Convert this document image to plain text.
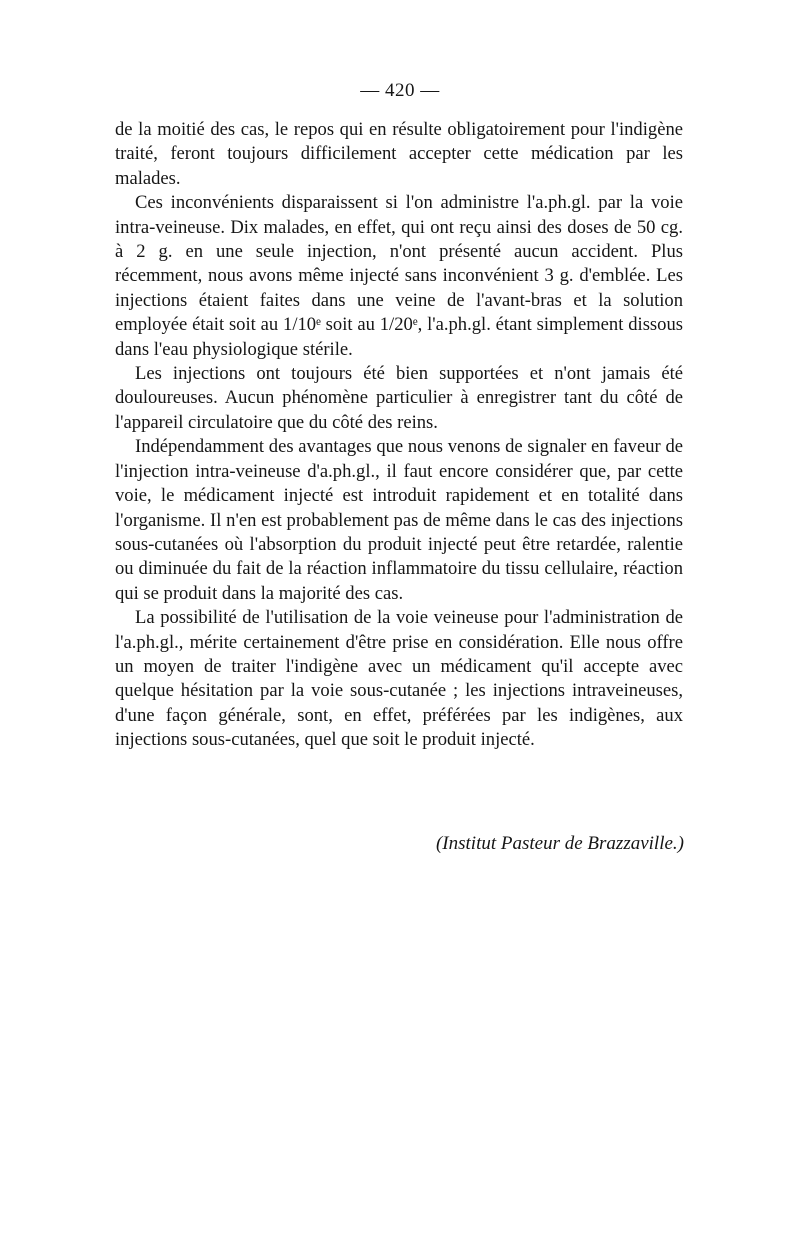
— 420 —

de la moitié des cas, le repos qui en résulte obligatoirement pour l'indigène traité, feront toujours difficilement accepter cette médication par les malades.

Ces inconvénients disparaissent si l'on administre l'a.ph.gl. par la voie intra-veineuse. Dix malades, en effet, qui ont reçu ainsi des doses de 50 cg. à 2 g. en une seule injection, n'ont présenté aucun accident. Plus récemment, nous avons même injecté sans inconvénient 3 g. d'emblée. Les injections étaient faites dans une veine de l'avant-bras et la solution employée était soit au 1/10ᵉ soit au 1/20ᵉ, l'a.ph.gl. étant simplement dissous dans l'eau physiologique stérile.

Les injections ont toujours été bien supportées et n'ont jamais été douloureuses. Aucun phénomène particulier à enregistrer tant du côté de l'appareil circulatoire que du côté des reins.

Indépendamment des avantages que nous venons de signaler en faveur de l'injection intra-veineuse d'a.ph.gl., il faut encore considérer que, par cette voie, le médicament injecté est introduit rapidement et en totalité dans l'organisme. Il n'en est probablement pas de même dans le cas des injections sous-cutanées où l'absorption du produit injecté peut être retardée, ralentie ou diminuée du fait de la réaction inflammatoire du tissu cellulaire, réaction qui se produit dans la majorité des cas.

La possibilité de l'utilisation de la voie veineuse pour l'administration de l'a.ph.gl., mérite certainement d'être prise en considération. Elle nous offre un moyen de traiter l'indigène avec un médicament qu'il accepte avec quelque hésitation par la voie sous-cutanée ; les injections intraveineuses, d'une façon générale, sont, en effet, préférées par les indigènes, aux injections sous-cutanées, quel que soit le produit injecté.

(Institut Pasteur de Brazzaville.)
